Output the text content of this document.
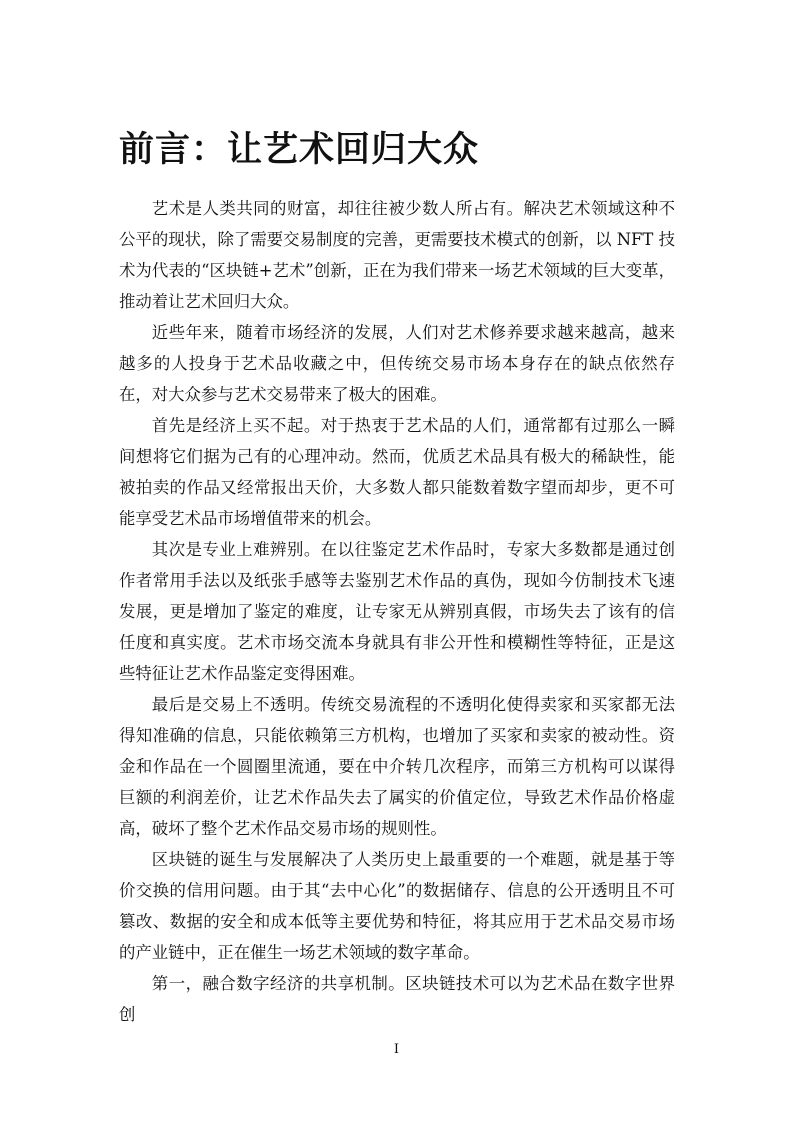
前言：让艺术回归大众

艺术是人类共同的财富，却往往被少数人所占有。解决艺术领域这种不公平的现状，除了需要交易制度的完善，更需要技术模式的创新，以 NFT 技术为代表的“区块链+艺术”创新，正在为我们带来一场艺术领域的巨大变革，推动着让艺术回归大众。

近些年来，随着市场经济的发展，人们对艺术修养要求越来越高，越来越多的人投身于艺术品收藏之中，但传统交易市场本身存在的缺点依然存在，对大众参与艺术交易带来了极大的困难。

首先是经济上买不起。对于热衷于艺术品的人们，通常都有过那么一瞬间想将它们据为己有的心理冲动。然而，优质艺术品具有极大的稀缺性，能被拍卖的作品又经常报出天价，大多数人都只能数着数字望而却步，更不可能享受艺术品市场增值带来的机会。

其次是专业上难辨别。在以往鉴定艺术作品时，专家大多数都是通过创作者常用手法以及纸张手感等去鉴别艺术作品的真伪，现如今仿制技术飞速发展，更是增加了鉴定的难度，让专家无从辨别真假，市场失去了该有的信任度和真实度。艺术市场交流本身就具有非公开性和模糊性等特征，正是这些特征让艺术作品鉴定变得困难。

最后是交易上不透明。传统交易流程的不透明化使得卖家和买家都无法得知准确的信息，只能依赖第三方机构，也增加了买家和卖家的被动性。资金和作品在一个圆圈里流通，要在中介转几次程序，而第三方机构可以谋得巨额的利润差价，让艺术作品失去了属实的价值定位，导致艺术作品价格虚高，破坏了整个艺术作品交易市场的规则性。

区块链的诞生与发展解决了人类历史上最重要的一个难题，就是基于等价交换的信用问题。由于其“去中心化”的数据储存、信息的公开透明且不可篡改、数据的安全和成本低等主要优势和特征，将其应用于艺术品交易市场的产业链中，正在催生一场艺术领域的数字革命。

第一，融合数字经济的共享机制。区块链技术可以为艺术品在数字世界创

I
